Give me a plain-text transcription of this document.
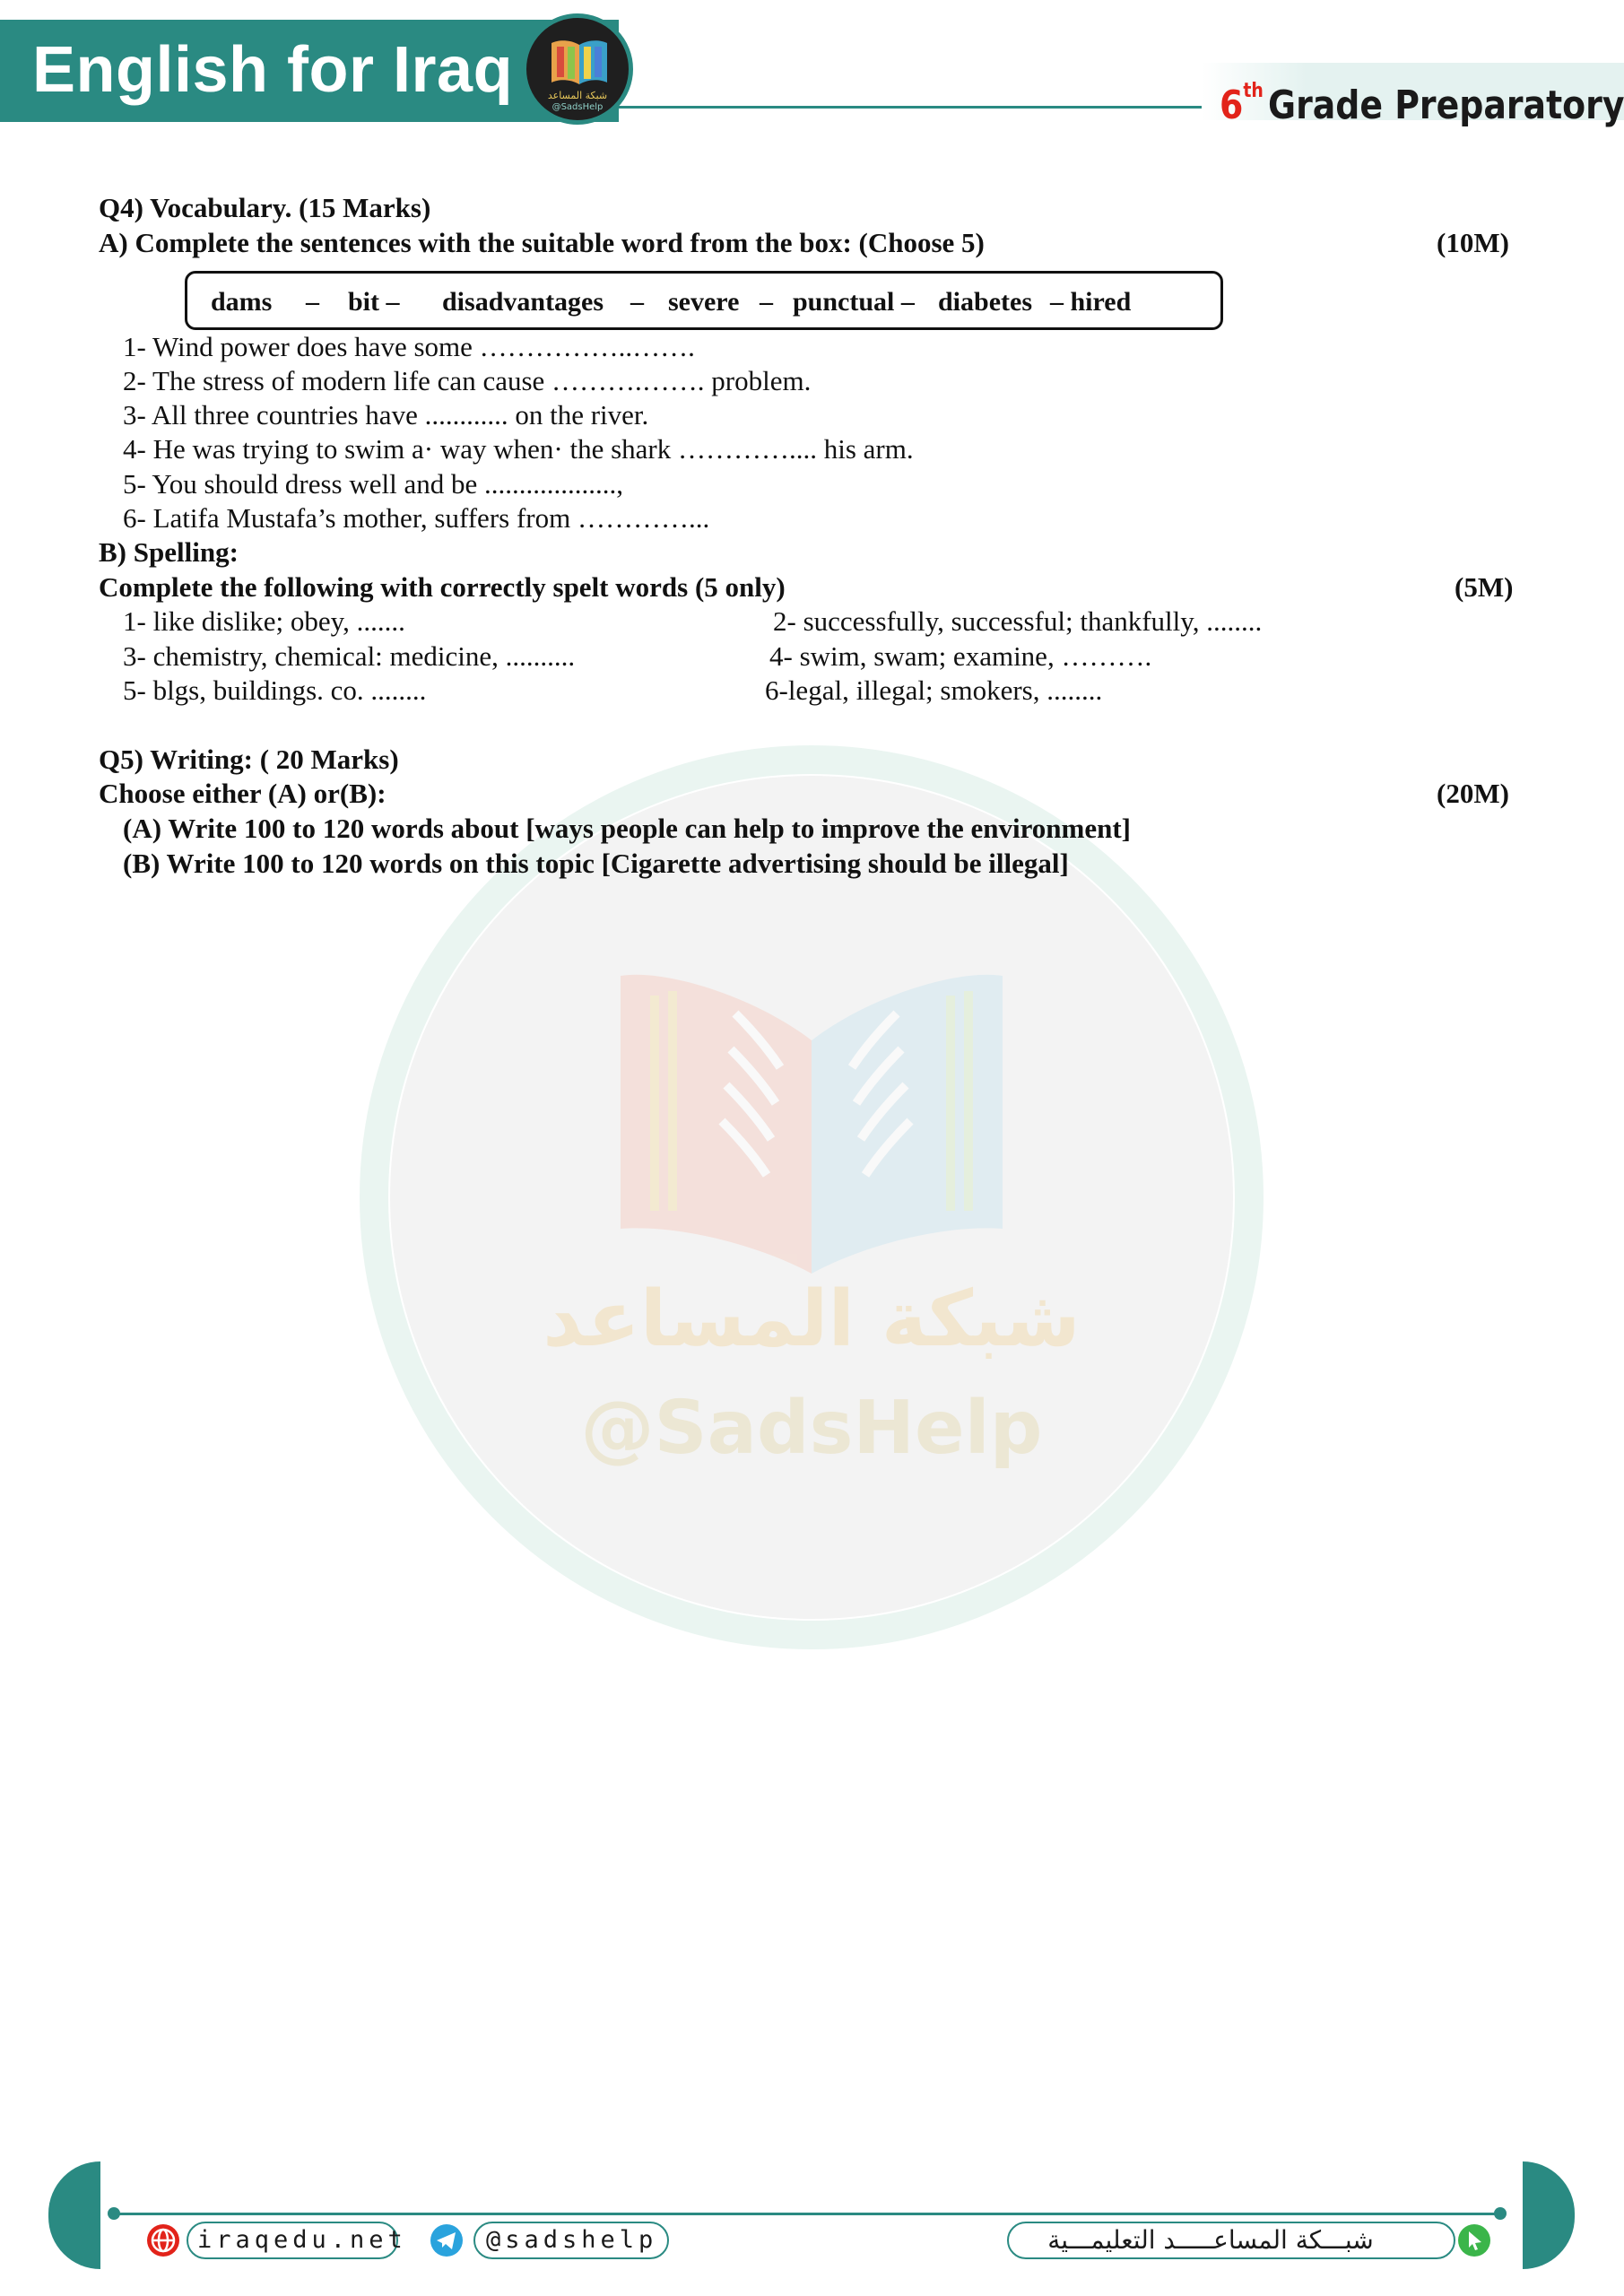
English for Iraq	شبكة المساعد
@SadsHelp	6th Grade Preparatory
شبكة المساعد
@SadsHelp
Q4) Vocabulary. (15 Marks)
A) Complete the sentences with the suitable word from the box: (Choose 5)	(10M)
dams – bit – disadvantages – severe – punctual – diabetes – hired
1- Wind power does have some ……………..…….
2- The stress of modern life can cause ……….……. problem.
3- All three countries have ............ on the river.
4- He was trying to swim a· way when· the shark ………….... his arm.
5- You should dress well and be ...................,
6- Latifa Mustafa’s mother, suffers from …………...
B) Spelling:
Complete the following with correctly spelt words (5 only)	(5M)
1- like dislike; obey, .......	2- successfully, successful; thankfully, ........
3- chemistry, chemical: medicine, ..........	4- swim, swam; examine, ……….
5- blgs, buildings. co. ........	6-legal, illegal; smokers, ........
Q5) Writing: ( 20 Marks)
Choose either (A) or(B):	(20M)
(A) Write 100 to 120 words about [ways people can help to improve the environment]
(B) Write 100 to 120 words on this topic [Cigarette advertising should be illegal]
iraqedu.net	@sadshelp	شبـــكة المساعـــــد التعليمـــية
